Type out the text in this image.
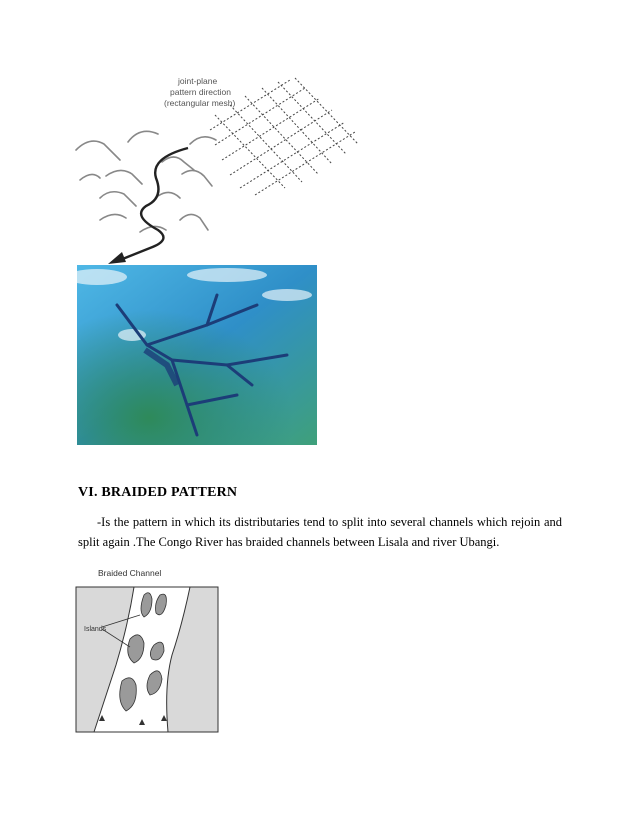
joint-plane
pattern direction
(rectangular mesh)
VI. BRAIDED PATTERN
-Is the pattern in which its distributaries tend to split into several channels which rejoin and split again .The Congo River has braided channels between Lisala and river Ubangi.
Braided Channel
Islands
